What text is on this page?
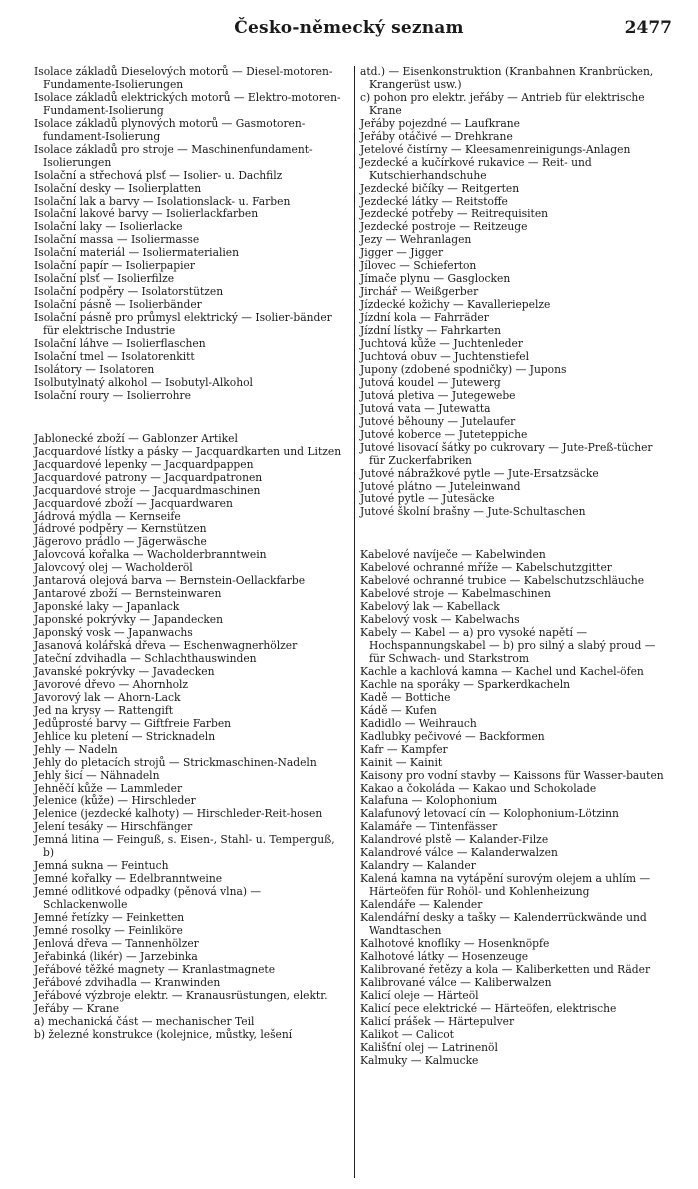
Česko-německý seznam	2477
Isolace základů Dieselových motorů — Diesel-motoren-Fundamente-Isolierungen
Isolace základů elektrických motorů — Elektro-motoren-Fundament-Isolierung
Isolace základů plynových motorů — Gasmotoren-fundament-Isolierung
Isolace základů pro stroje — Maschinenfundament-Isolierungen
Isolační a střechová plsť — Isolier- u. Dachfilz
Isolační desky — Isolierplatten
Isolační lak a barvy — Isolationslack- u. Farben
Isolační lakové barvy — Isolierlackfarben
Isolační laky — Isolierlacke
Isolační massa — Isoliermasse
Isolační materiál — Isoliermaterialien
Isolační papír — Isolierpapier
Isolační plsť — Isolierfilze
Isolační podpěry — Isolatorstützen
Isolační pásně — Isolierbänder
Isolační pásně pro průmysl elektrický — Isolier-bänder für elektrische Industrie
Isolační láhve — Isolierflaschen
Isolační tmel — Isolatorenkitt
Isolátory — Isolatoren
Isolbutylnatý alkohol — Isobutyl-Alkohol
Isolační roury — Isolierrohre
Jablonecké zboží — Gablonzer Artikel
Jacquardové lístky a pásky — Jacquardkarten und Litzen
Jacquardové lepenky — Jacquardpappen
Jacquardové patrony — Jacquardpatronen
Jacquardové stroje — Jacquardmaschinen
Jacquardové zboží — Jacquardwaren
Jádrová mýdla — Kernseife
Jádrové podpěry — Kernstützen
Jägerovo prádlo — Jägerwäsche
Jalovcová kořalka — Wacholderbranntwein
Jalovcový olej — Wacholderöl
Jantarová olejová barva — Bernstein-Oellackfarbe
Jantarové zboží — Bernsteinwaren
Japonské laky — Japanlack
Japonské pokrývky — Japandecken
Japonský vosk — Japanwachs
Jasanová kolářská dřeva — Eschenwagnerhölzer
Jateční zdvihadla — Schlachthauswinden
Javanské pokrývky — Javadecken
Javorové dřevo — Ahornholz
Javorový lak — Ahorn-Lack
Jed na krysy — Rattengift
Jedůprosté barvy — Giftfreie Farben
Jehlice ku pletení — Stricknadeln
Jehly — Nadeln
Jehly do pletacích strojů — Strickmaschinen-Nadeln
Jehly šicí — Nähnadeln
Jehněčí kůže — Lammleder
Jelenice (kůže) — Hirschleder
Jelenice (jezdecké kalhoty) — Hirschleder-Reit-hosen
Jelení tesáky — Hirschfänger
Jemná litina — Feinguß, s. Eisen-, Stahl- u. Temperguß, b)
Jemná sukna — Feintuch
Jemné kořalky — Edelbranntweine
Jemné odlitkové odpadky (pěnová vlna) — Schlackenwolle
Jemné řetízky — Feinketten
Jemné rosolky — Feinliköre
Jenlová dřeva — Tannenhölzer
Jeřabinká (likér) — Jarzebinka
Jeřábové těžké magnety — Kranlastmagnete
Jeřábové zdvihadla — Kranwinden
Jeřábové výzbroje elektr. — Kranausrüstungen, elektr.
Jeřáby — Krane
a) mechanická část — mechanischer Teil
b) železné konstrukce (kolejnice, můstky, lešení
atd.) — Eisenkonstruktion (Kranbahnen Kranbrücken, Krangerüst usw.)
c) pohon pro elektr. jeřáby — Antrieb für elektrische Krane
Jeřáby pojezdné — Laufkrane
Jeřáby otáčivé — Drehkrane
Jetelové čistírny — Kleesamenreinigungs-Anlagen
Jezdecké a kučírkové rukavice — Reit- und Kutschierhandschuhe
Jezdecké bičíky — Reitgerten
Jezdecké látky — Reitstoffe
Jezdecké potřeby — Reitrequisiten
Jezdecké postroje — Reitzeuge
Jezy — Wehranlagen
Jigger — Jigger
Jílovec — Schieferton
Jímače plynu — Gasglocken
Jirchář — Weißgerber
Jízdecké kožichy — Kavalleriepelze
Jízdní kola — Fahrräder
Jízdní lístky — Fahrkarten
Juchtová kůže — Juchtenleder
Juchtová obuv — Juchtenstiefel
Jupony (zdobené spodničky) — Jupons
Jutová koudel — Jutewerg
Jutová pletiva — Jutegewebe
Jutová vata — Jutewatta
Jutové běhouny — Jutelaufer
Jutové koberce — Juteteppiche
Jutové lisovací šátky po cukrovary — Jute-Preß-tücher für Zuckerfabriken
Jutové nábražkové pytle — Jute-Ersatzsäcke
Jutové plátno — Juteleinwand
Jutové pytle — Jutesäcke
Jutové školní brašny — Jute-Schultaschen
Kabelové navíječe — Kabelwinden
Kabelové ochranné mříže — Kabelschutzgitter
Kabelové ochranné trubice — Kabelschutzschläuche
Kabelové stroje — Kabelmaschinen
Kabelový lak — Kabellack
Kabelový vosk — Kabelwachs
Kabely — Kabel — a) pro vysoké napětí — Hochspannungskabel — b) pro silný a slabý proud — für Schwach- und Starkstrom
Kachle a kachlová kamna — Kachel und Kachel-öfen
Kachle na sporáky — Sparkerdkacheln
Kadě — Bottiche
Kádě — Kufen
Kadidlo — Weihrauch
Kadlubky pečivové — Backformen
Kafr — Kampfer
Kainit — Kainit
Kaisony pro vodní stavby — Kaissons für Wasser-bauten
Kakao a čokoláda — Kakao und Schokolade
Kalafuna — Kolophonium
Kalafunový letovací cín — Kolophonium-Lötzinn
Kalamáře — Tintenfässer
Kalandrové plstě — Kalander-Filze
Kalandrové válce — Kalanderwalzen
Kalandry — Kalander
Kalená kamna na vytápění surovým olejem a uhlím — Härteöfen für Rohöl- und Kohlenheizung
Kalendáře — Kalender
Kalendářní desky a tašky — Kalenderrückwände und Wandtaschen
Kalhotové knoflíky — Hosenknöpfe
Kalhotové látky — Hosenzeuge
Kalibrované řetězy a kola — Kaliberketten und Räder
Kalibrované válce — Kaliberwalzen
Kalicí oleje — Härteöl
Kalicí pece elektrické — Härteöfen, elektrische
Kalicí prášek — Härtepulver
Kalikot — Calicot
Kališťní olej — Latrinenöl
Kalmuky — Kalmucke
